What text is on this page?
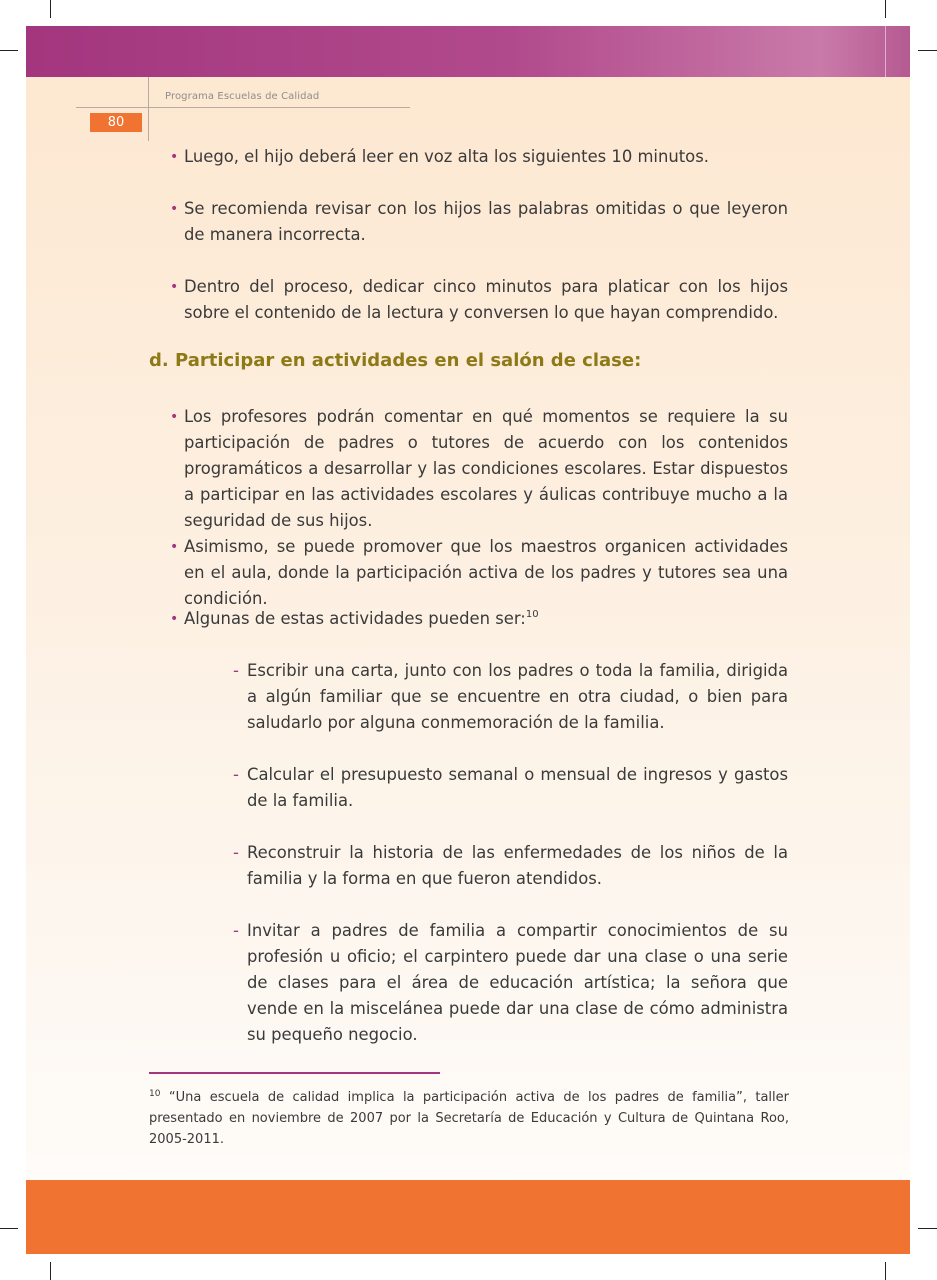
Programa Escuelas de Calidad
80
• Luego, el hijo deberá leer en voz alta los siguientes 10 minutos.
• Se recomienda revisar con los hijos las palabras omitidas o que leyeron de manera incorrecta.
• Dentro del proceso, dedicar cinco minutos para platicar con los hijos sobre el contenido de la lectura y conversen lo que hayan comprendido.
d. Participar en actividades en el salón de clase:
• Los profesores podrán comentar en qué momentos se requiere la su participación de padres o tutores de acuerdo con los contenidos programáticos a desarrollar y las condiciones escolares. Estar dispuestos a participar en las actividades escolares y áulicas contribuye mucho a la seguridad de sus hijos.
• Asimismo, se puede promover que los maestros organicen actividades en el aula, donde la participación activa de los padres y tutores sea una condición.
• Algunas de estas actividades pueden ser:$^{10}$
- Escribir una carta, junto con los padres o toda la familia, dirigida a algún familiar que se encuentre en otra ciudad, o bien para saludarlo por alguna conmemoración de la familia.
- Calcular el presupuesto semanal o mensual de ingresos y gastos de la familia.
- Reconstruir la historia de las enfermedades de los niños de la familia y la forma en que fueron atendidos.
- Invitar a padres de familia a compartir conocimientos de su profesión u oficio; el carpintero puede dar una clase o una serie de clases para el área de educación artística; la señora que vende en la miscelánea puede dar una clase de cómo administra su pequeño negocio.
$^{10}$ “Una escuela de calidad implica la participación activa de los padres de familia”, taller presentado en noviembre de 2007 por la Secretaría de Educación y Cultura de Quintana Roo, 2005-2011.
